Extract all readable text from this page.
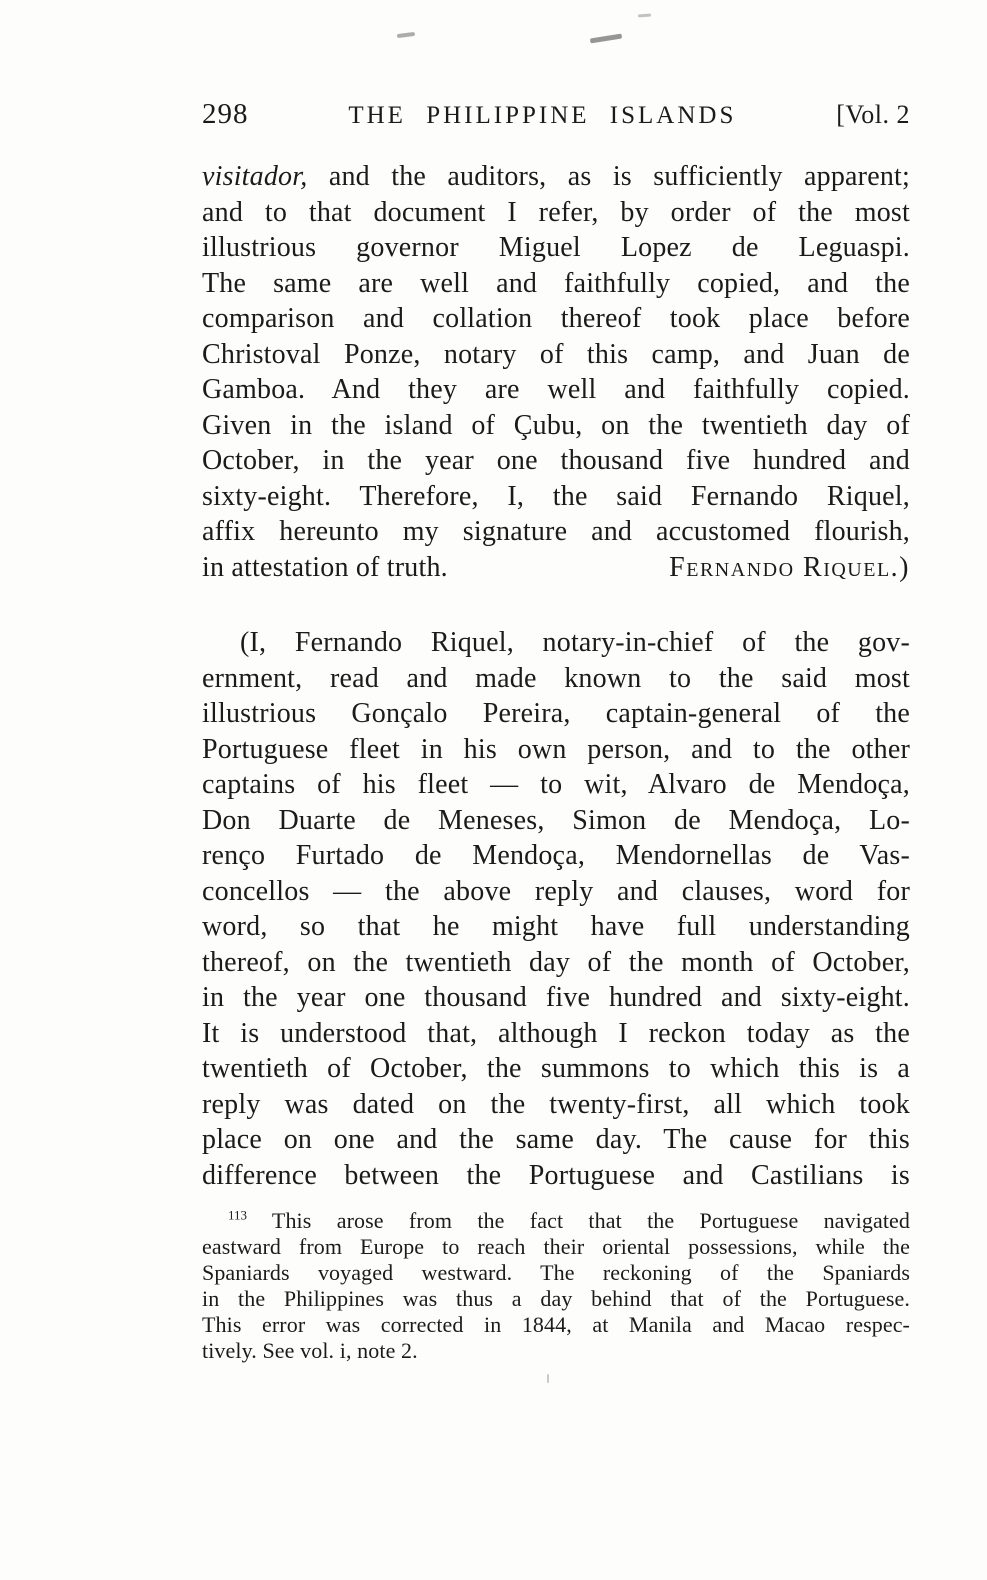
298	THE PHILIPPINE ISLANDS	[Vol. 2
visitador, and the auditors, as is sufficiently apparent;
and to that document I refer, by order of the most
illustrious governor Miguel Lopez de Leguaspi.
The same are well and faithfully copied, and the
comparison and collation thereof took place before
Christoval Ponze, notary of this camp, and Juan de
Gamboa. And they are well and faithfully copied.
Given in the island of Çubu, on the twentieth day of
October, in the year one thousand five hundred and
sixty-eight. Therefore, I, the said Fernando Riquel,
affix hereunto my signature and accustomed flourish,
in attestation of truth.	Fernando Riquel.)
(I, Fernando Riquel, notary-in-chief of the gov-
ernment, read and made known to the said most
illustrious Gonçalo Pereira, captain-general of the
Portuguese fleet in his own person, and to the other
captains of his fleet — to wit, Alvaro de Mendoça,
Don Duarte de Meneses, Simon de Mendoça, Lo-
renço Furtado de Mendoça, Mendornellas de Vas-
concellos — the above reply and clauses, word for
word, so that he might have full understanding
thereof, on the twentieth day of the month of October,
in the year one thousand five hundred and sixty-eight.
It is understood that, although I reckon today as the
twentieth of October, the summons to which this is a
reply was dated on the twenty-first, all which took
place on one and the same day. The cause for this
difference between the Portuguese and Castilians is
$^{113}$ This arose from the fact that the Portuguese navigated
eastward from Europe to reach their oriental possessions, while the
Spaniards voyaged westward. The reckoning of the Spaniards
in the Philippines was thus a day behind that of the Portuguese.
This error was corrected in 1844, at Manila and Macao respec-
tively. See vol. i, note 2.
